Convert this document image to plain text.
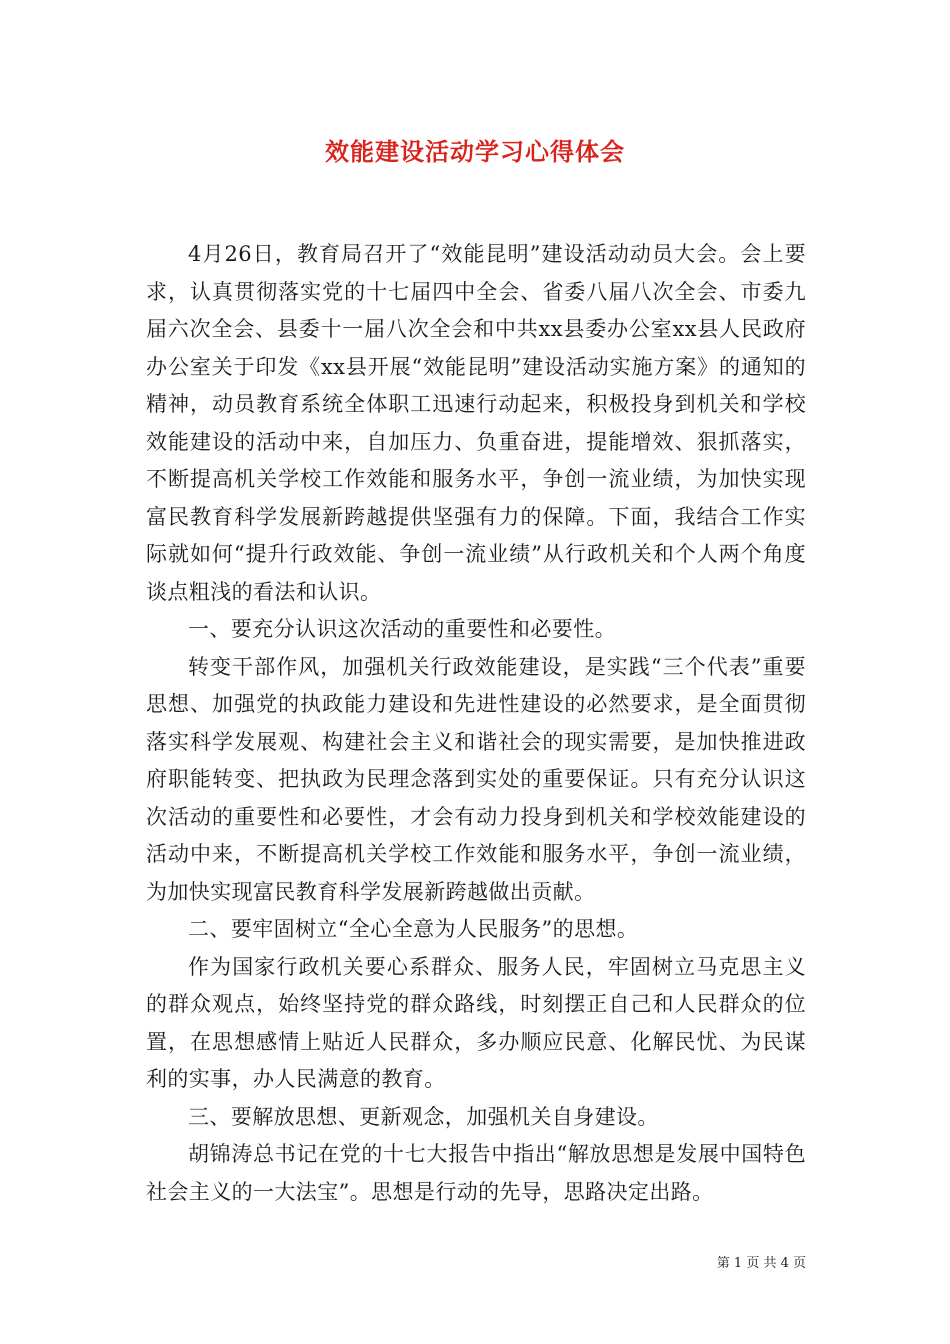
效能建设活动学习心得体会

4月26日，教育局召开了“效能昆明”建设活动动员大会。会上要求，认真贯彻落实党的十七届四中全会、省委八届八次全会、市委九届六次全会、县委十一届八次全会和中共xx县委办公室xx县人民政府办公室关于印发《xx县开展“效能昆明”建设活动实施方案》的通知的精神，动员教育系统全体职工迅速行动起来，积极投身到机关和学校效能建设的活动中来，自加压力、负重奋进，提能增效、狠抓落实，不断提高机关学校工作效能和服务水平，争创一流业绩，为加快实现富民教育科学发展新跨越提供坚强有力的保障。下面，我结合工作实际就如何“提升行政效能、争创一流业绩”从行政机关和个人两个角度谈点粗浅的看法和认识。

一、要充分认识这次活动的重要性和必要性。

转变干部作风，加强机关行政效能建设，是实践“三个代表”重要思想、加强党的执政能力建设和先进性建设的必然要求，是全面贯彻落实科学发展观、构建社会主义和谐社会的现实需要，是加快推进政府职能转变、把执政为民理念落到实处的重要保证。只有充分认识这次活动的重要性和必要性，才会有动力投身到机关和学校效能建设的活动中来，不断提高机关学校工作效能和服务水平，争创一流业绩，为加快实现富民教育科学发展新跨越做出贡献。

二、要牢固树立“全心全意为人民服务”的思想。

作为国家行政机关要心系群众、服务人民，牢固树立马克思主义的群众观点，始终坚持党的群众路线，时刻摆正自己和人民群众的位置，在思想感情上贴近人民群众，多办顺应民意、化解民忧、为民谋利的实事，办人民满意的教育。

三、要解放思想、更新观念，加强机关自身建设。

胡锦涛总书记在党的十七大报告中指出“解放思想是发展中国特色社会主义的一大法宝”。思想是行动的先导，思路决定出路。

第 1 页 共 4 页
